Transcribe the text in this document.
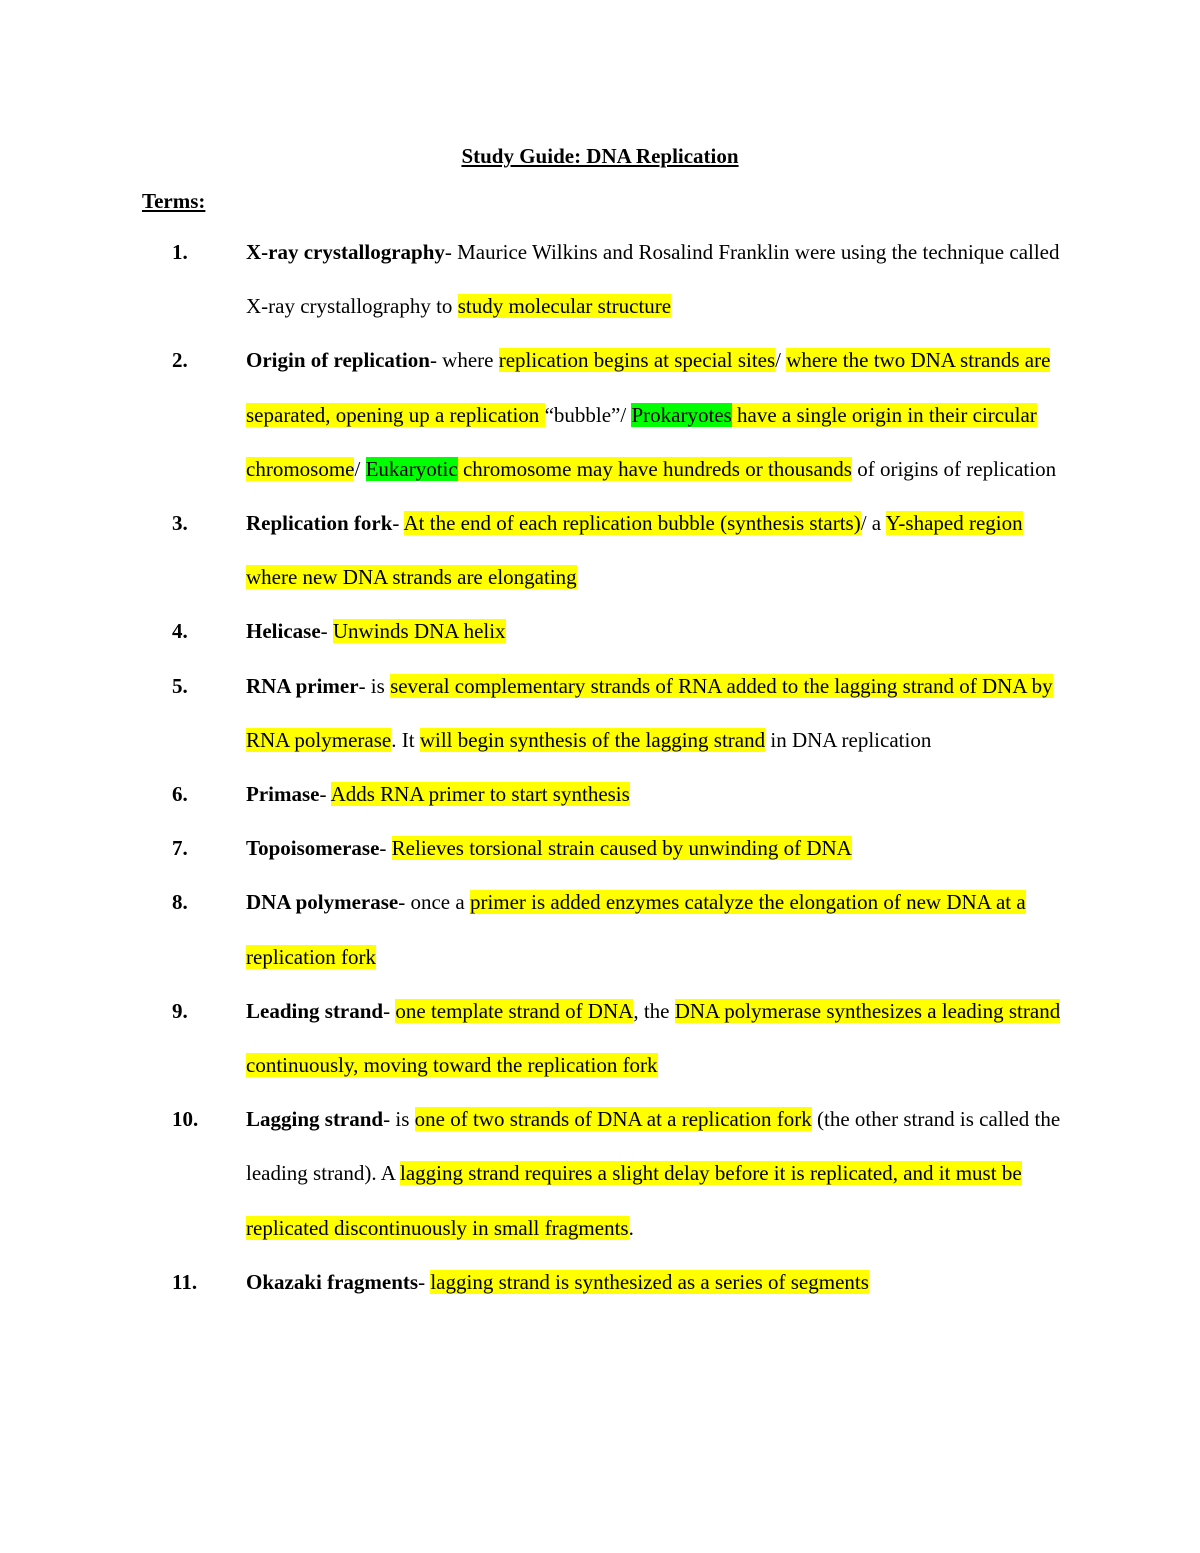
Study Guide: DNA Replication
Terms:
1.	X-ray crystallography- Maurice Wilkins and Rosalind Franklin were using the technique called X-ray crystallography to study molecular structure
2.	Origin of replication- where replication begins at special sites/ where the two DNA strands are separated, opening up a replication “bubble”/ Prokaryotes have a single origin in their circular chromosome/ Eukaryotic chromosome may have hundreds or thousands of origins of replication
3.	Replication fork- At the end of each replication bubble (synthesis starts)/ a Y-shaped region where new DNA strands are elongating
4.	Helicase- Unwinds DNA helix
5.	RNA primer- is several complementary strands of RNA added to the lagging strand of DNA by RNA polymerase. It will begin synthesis of the lagging strand in DNA replication
6.	Primase- Adds RNA primer to start synthesis
7.	Topoisomerase- Relieves torsional strain caused by unwinding of DNA
8.	DNA polymerase- once a primer is added enzymes catalyze the elongation of new DNA at a replication fork
9.	Leading strand- one template strand of DNA, the DNA polymerase synthesizes a leading strand continuously, moving toward the replication fork
10. Lagging strand- is one of two strands of DNA at a replication fork (the other strand is called the leading strand). A lagging strand requires a slight delay before it is replicated, and it must be replicated discontinuously in small fragments.
11. Okazaki fragments- lagging strand is synthesized as a series of segments
